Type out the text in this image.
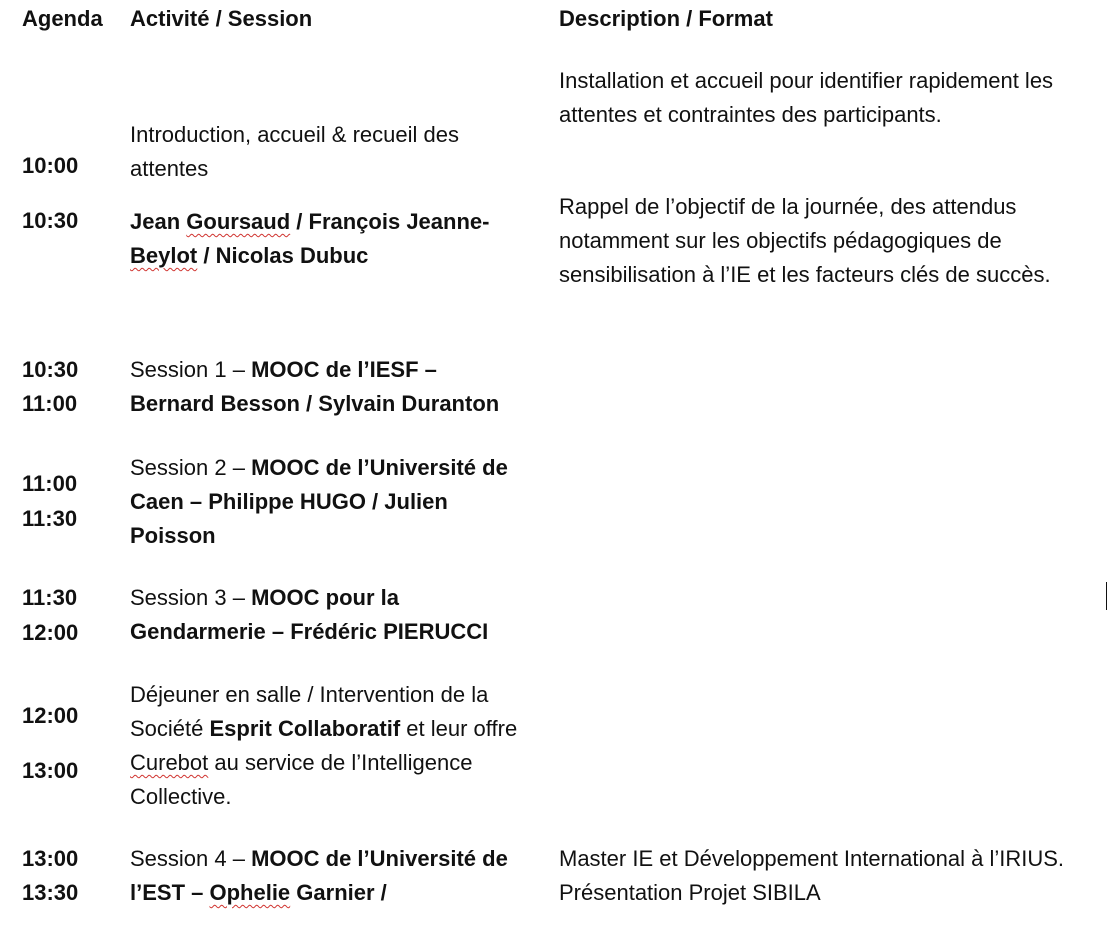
Agenda Activité / Session	Description / Format
10:00
10:30
Introduction, accueil & recueil des
attentes
Jean Goursaud / François Jeanne-
Beylot / Nicolas Dubuc
Installation et accueil pour identifier rapidement les attentes et contraintes des participants.
Rappel de l’objectif de la journée, des attendus notamment sur les objectifs pédagogiques de sensibilisation à l’IE et les facteurs clés de succès.
10:30
11:00
Session 1 – MOOC de l’IESF –
Bernard Besson / Sylvain Duranton
11:00
11:30
Session 2 – MOOC de l’Université de Caen – Philippe HUGO / Julien Poisson
11:30
12:00
Session 3 – MOOC pour la
Gendarmerie – Frédéric PIERUCCI
12:00
13:00
Déjeuner en salle / Intervention de la Société Esprit Collaboratif et leur offre Curebot au service de l’Intelligence Collective.
13:00
13:30
Session 4 – MOOC de l’Université de l’EST – Ophelie Garnier /
Master IE et Développement International à l’IRIUS. Présentation Projet SIBILA
